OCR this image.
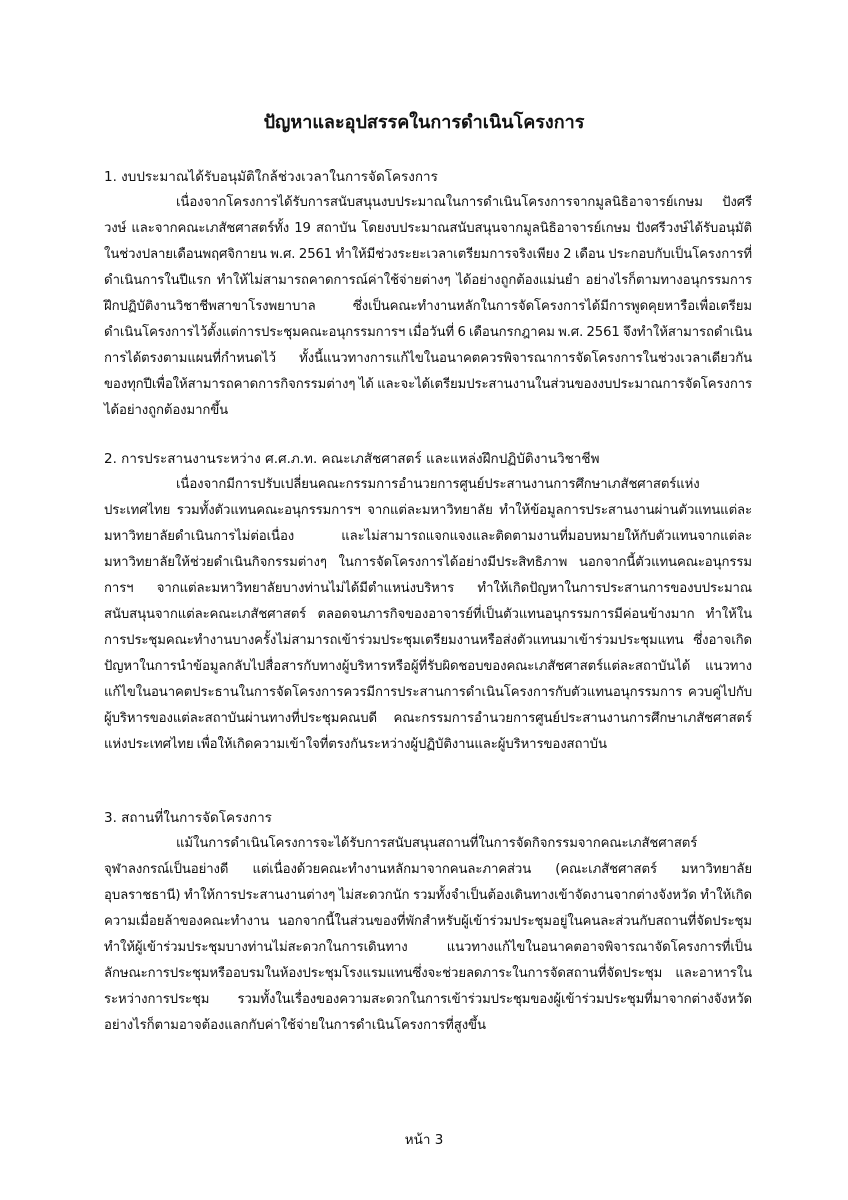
ปัญหาและอุปสรรคในการดำเนินโครงการ
1. งบประมาณได้รับอนุมัติใกล้ช่วงเวลาในการจัดโครงการ

เนื่องจากโครงการได้รับการสนับสนุนงบประมาณในการดำเนินโครงการจากมูลนิธิอาจารย์เกษม ปังศรีวงษ์ และจากคณะเภสัชศาสตร์ทั้ง 19 สถาบัน โดยงบประมาณสนับสนุนจากมูลนิธิอาจารย์เกษม ปังศรีวงษ์ได้รับอนุมัติในช่วงปลายเดือนพฤศจิกายน พ.ศ. 2561 ทำให้มีช่วงระยะเวลาเตรียมการจริงเพียง 2 เดือน ประกอบกับเป็นโครงการที่ดำเนินการในปีแรก ทำให้ไม่สามารถคาดการณ์ค่าใช้จ่ายต่างๆ ได้อย่างถูกต้องแม่นยำ อย่างไรก็ตามทางอนุกรรมการฝึกปฏิบัติงานวิชาชีพสาขาโรงพยาบาล ซึ่งเป็นคณะทำงานหลักในการจัดโครงการได้มีการพูดคุยหารือเพื่อเตรียมดำเนินโครงการไว้ตั้งแต่การประชุมคณะอนุกรรมการฯ เมื่อวันที่ 6 เดือนกรกฎาคม พ.ศ. 2561 จึงทำให้สามารถดำเนินการได้ตรงตามแผนที่กำหนดไว้ ทั้งนี้แนวทางการแก้ไขในอนาคตควรพิจารณาการจัดโครงการในช่วงเวลาเดียวกันของทุกปีเพื่อให้สามารถคาดการกิจกรรมต่างๆ ได้ และจะได้เตรียมประสานงานในส่วนของงบประมาณการจัดโครงการได้อย่างถูกต้องมากขึ้น

2. การประสานงานระหว่าง ศ.ศ.ภ.ท. คณะเภสัชศาสตร์ และแหล่งฝึกปฏิบัติงานวิชาชีพ

เนื่องจากมีการปรับเปลี่ยนคณะกรรมการอำนวยการศูนย์ประสานงานการศึกษาเภสัชศาสตร์แห่งประเทศไทย รวมทั้งตัวแทนคณะอนุกรรมการฯ จากแต่ละมหาวิทยาลัย ทำให้ข้อมูลการประสานงานผ่านตัวแทนแต่ละมหาวิทยาลัยดำเนินการไม่ต่อเนื่อง และไม่สามารถแจกแจงและติดตามงานที่มอบหมายให้กับตัวแทนจากแต่ละมหาวิทยาลัยให้ช่วยดำเนินกิจกรรมต่างๆ ในการจัดโครงการได้อย่างมีประสิทธิภาพ นอกจากนี้ตัวแทนคณะอนุกรรมการฯ จากแต่ละมหาวิทยาลัยบางท่านไม่ได้มีตำแหน่งบริหาร ทำให้เกิดปัญหาในการประสานการของบประมาณสนับสนุนจากแต่ละคณะเภสัชศาสตร์ ตลอดจนภารกิจของอาจารย์ที่เป็นตัวแทนอนุกรรมการมีค่อนข้างมาก ทำให้ในการประชุมคณะทำงานบางครั้งไม่สามารถเข้าร่วมประชุมเตรียมงานหรือส่งตัวแทนมาเข้าร่วมประชุมแทน ซึ่งอาจเกิดปัญหาในการนำข้อมูลกลับไปสื่อสารกับทางผู้บริหารหรือผู้ที่รับผิดชอบของคณะเภสัชศาสตร์แต่ละสถาบันได้ แนวทางแก้ไขในอนาคตประธานในการจัดโครงการควรมีการประสานการดำเนินโครงการกับตัวแทนอนุกรรมการ ควบคู่ไปกับผู้บริหารของแต่ละสถาบันผ่านทางที่ประชุมคณบดี คณะกรรมการอำนวยการศูนย์ประสานงานการศึกษาเภสัชศาสตร์แห่งประเทศไทย เพื่อให้เกิดความเข้าใจที่ตรงกันระหว่างผู้ปฏิบัติงานและผู้บริหารของสถาบัน

3. สถานที่ในการจัดโครงการ

แม้ในการดำเนินโครงการจะได้รับการสนับสนุนสถานที่ในการจัดกิจกรรมจากคณะเภสัชศาสตร์ จุฬาลงกรณ์เป็นอย่างดี แต่เนื่องด้วยคณะทำงานหลักมาจากคนละภาคส่วน (คณะเภสัชศาสตร์ มหาวิทยาลัยอุบลราชธานี) ทำให้การประสานงานต่างๆ ไม่สะดวกนัก รวมทั้งจำเป็นต้องเดินทางเข้าจัดงานจากต่างจังหวัด ทำให้เกิดความเมื่อยล้าของคณะทำงาน นอกจากนี้ในส่วนของที่พักสำหรับผู้เข้าร่วมประชุมอยู่ในคนละส่วนกับสถานที่จัดประชุม ทำให้ผู้เข้าร่วมประชุมบางท่านไม่สะดวกในการเดินทาง แนวทางแก้ไขในอนาคตอาจพิจารณาจัดโครงการที่เป็นลักษณะการประชุมหรืออบรมในห้องประชุมโรงแรมแทนซึ่งจะช่วยลดภาระในการจัดสถานที่จัดประชุม และอาหารในระหว่างการประชุม รวมทั้งในเรื่องของความสะดวกในการเข้าร่วมประชุมของผู้เข้าร่วมประชุมที่มาจากต่างจังหวัด อย่างไรก็ตามอาจต้องแลกกับค่าใช้จ่ายในการดำเนินโครงการที่สูงขึ้น

หน้า 3
